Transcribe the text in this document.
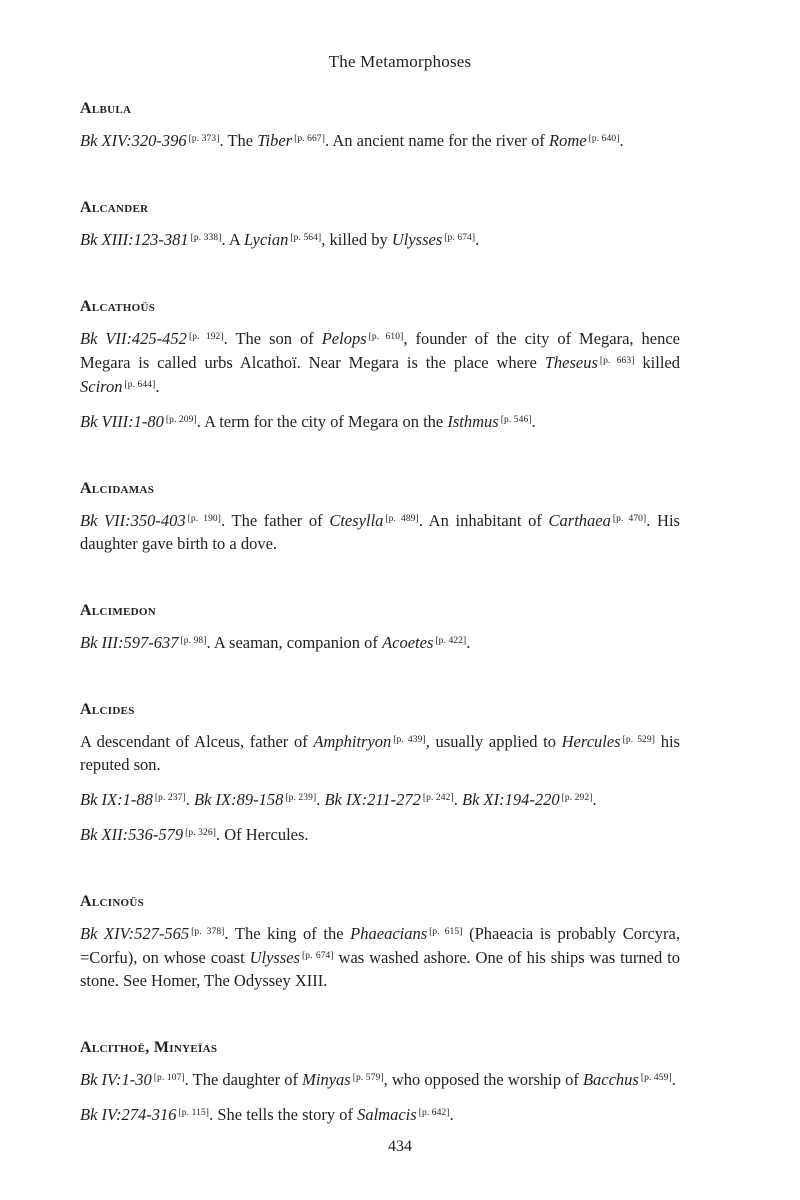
The Metamorphoses
Albula
Bk XIV:320-396 [p. 373]. The Tiber [p. 667]. An ancient name for the river of Rome [p. 640].
Alcander
Bk XIII:123-381 [p. 338]. A Lycian [p. 564], killed by Ulysses [p. 674].
Alcathoüs
Bk VII:425-452 [p. 192]. The son of Pelops [p. 610], founder of the city of Megara, hence Megara is called urbs Alcathoï. Near Megara is the place where Theseus [p. 663] killed Sciron [p. 644].
Bk VIII:1-80 [p. 209]. A term for the city of Megara on the Isthmus [p. 546].
Alcidamas
Bk VII:350-403 [p. 190]. The father of Ctesylla [p. 489]. An inhabitant of Carthaea [p. 470]. His daughter gave birth to a dove.
Alcimedon
Bk III:597-637 [p. 98]. A seaman, companion of Acoetes [p. 422].
Alcides
A descendant of Alceus, father of Amphitryon [p. 439], usually applied to Hercules [p. 529] his reputed son.
Bk IX:1-88 [p. 237]. Bk IX:89-158 [p. 239]. Bk IX:211-272 [p. 242]. Bk XI:194-220 [p. 292].
Bk XII:536-579 [p. 326]. Of Hercules.
Alcinoüs
Bk XIV:527-565 [p. 378]. The king of the Phaeacians [p. 615] (Phaeacia is probably Corcyra, =Corfu), on whose coast Ulysses [p. 674] was washed ashore. One of his ships was turned to stone. See Homer, The Odyssey XIII.
Alcithoë, Minyeïas
Bk IV:1-30 [p. 107]. The daughter of Minyas [p. 579], who opposed the worship of Bacchus [p. 459].
Bk IV:274-316 [p. 115]. She tells the story of Salmacis [p. 642].
434
